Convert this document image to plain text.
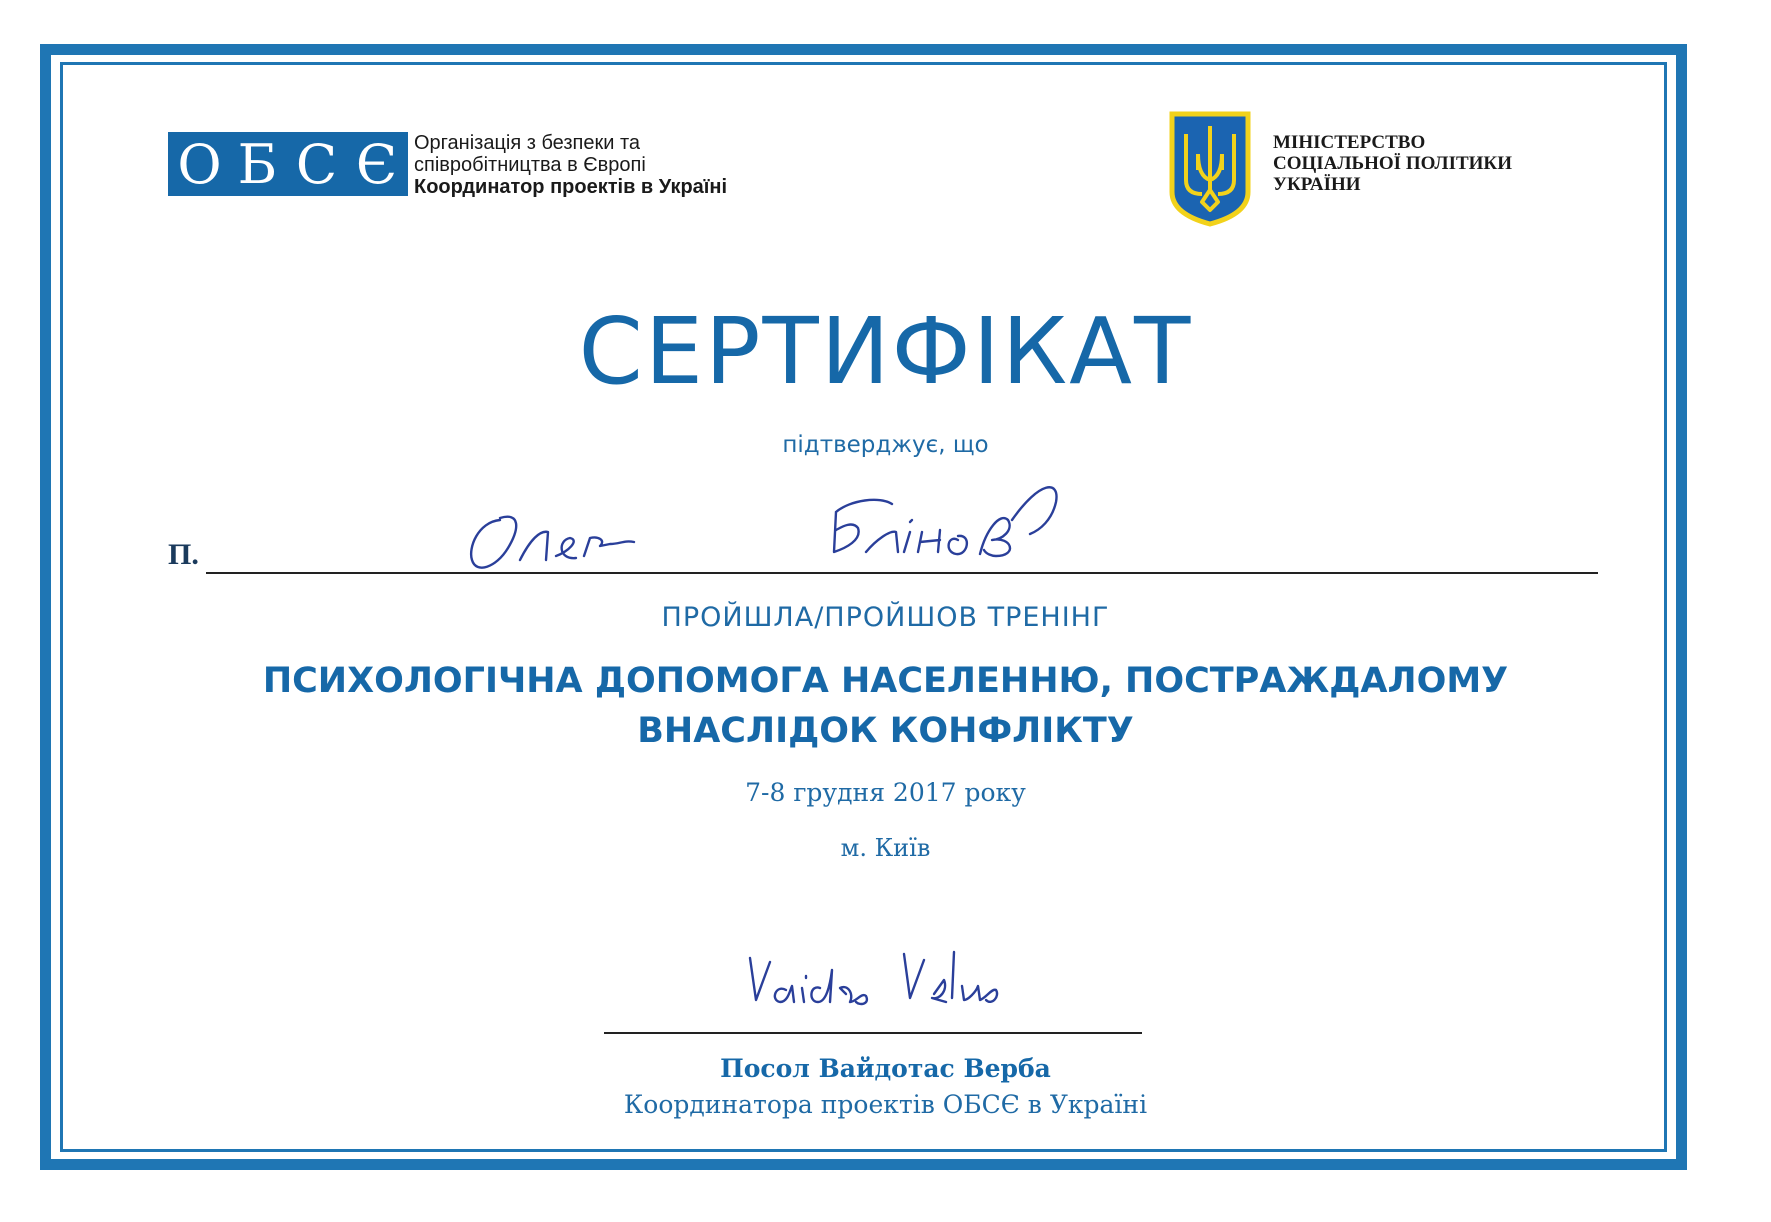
О Б С Є Організація з безпеки та
співробітництва в Європі
Координатор проектів в Україні
МІНІСТЕРСТВО
СОЦІАЛЬНОЇ ПОЛІТИКИ
УКРАЇНИ
СЕРТИФІКАТ
підтверджує, що
П.
ПРОЙШЛА/ПРОЙШОВ ТРЕНІНГ
ПСИХОЛОГІЧНА ДОПОМОГА НАСЕЛЕННЮ, ПОСТРАЖДАЛОМУ
ВНАСЛІДОК КОНФЛІКТУ
7-8 грудня 2017 року
м. Київ
Посол Вайдотас Верба
Координатора проектів ОБСЄ в Україні
